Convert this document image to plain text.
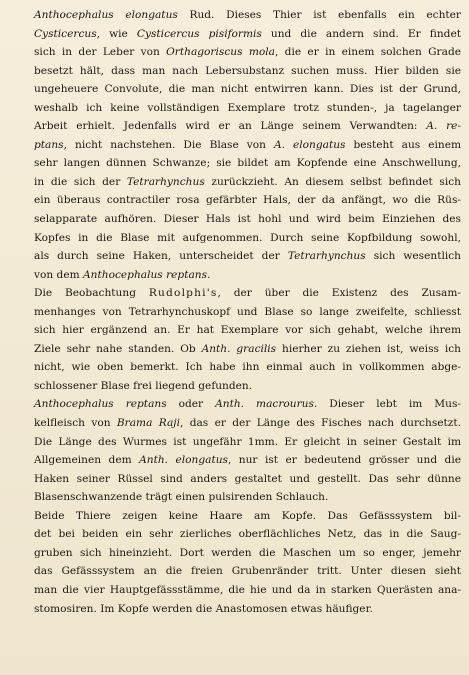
Anthocephalus elongatus Rud. Dieses Thier ist ebenfalls ein echter
Cysticercus, wie Cysticercus pisiformis und die andern sind. Er findet
sich in der Leber von Orthagoriscus mola, die er in einem solchen Grade
besetzt hält, dass man nach Lebersubstanz suchen muss. Hier bilden sie
ungeheuere Convolute, die man nicht entwirren kann. Dies ist der Grund,
weshalb ich keine vollständigen Exemplare trotz stunden-, ja tagelanger
Arbeit erhielt. Jedenfalls wird er an Länge seinem Verwandten: A. re-
ptans, nicht nachstehen. Die Blase von A. elongatus besteht aus einem
sehr langen dünnen Schwanze; sie bildet am Kopfende eine Anschwellung,
in die sich der Tetrarhynchus zurückzieht. An diesem selbst befindet sich
ein überaus contractiler rosa gefärbter Hals, der da anfängt, wo die Rüs-
selapparate aufhören. Dieser Hals ist hohl und wird beim Einziehen des
Kopfes in die Blase mit aufgenommen. Durch seine Kopfbildung sowohl,
als durch seine Haken, unterscheidet der Tetrarhynchus sich wesentlich
von dem Anthocephalus reptans.
Die Beobachtung Rudolphi's, der über die Existenz des Zusam-
menhanges von Tetrarhynchuskopf und Blase so lange zweifelte, schliesst
sich hier ergänzend an. Er hat Exemplare vor sich gehabt, welche ihrem
Ziele sehr nahe standen. Ob Anth. gracilis hierher zu ziehen ist, weiss ich
nicht, wie oben bemerkt. Ich habe ihn einmal auch in vollkommen abge-
schlossener Blase frei liegend gefunden.
Anthocephalus reptans oder Anth. macrourus. Dieser lebt im Mus-
kelfleisch von Brama Raji, das er der Länge des Fisches nach durchsetzt.
Die Länge des Wurmes ist ungefähr 1mm. Er gleicht in seiner Gestalt im
Allgemeinen dem Anth. elongatus, nur ist er bedeutend grösser und die
Haken seiner Rüssel sind anders gestaltet und gestellt. Das sehr dünne
Blasenschwanzende trägt einen pulsirenden Schlauch.
Beide Thiere zeigen keine Haare am Kopfe. Das Gefässsystem bil-
det bei beiden ein sehr zierliches oberflächliches Netz, das in die Saug-
gruben sich hineinzieht. Dort werden die Maschen um so enger, jemehr
das Gefässsystem an die freien Grubenränder tritt. Unter diesen sieht
man die vier Hauptgefässstämme, die hie und da in starken Querästen ana-
stomosiren. Im Kopfe werden die Anastomosen etwas häufiger.
